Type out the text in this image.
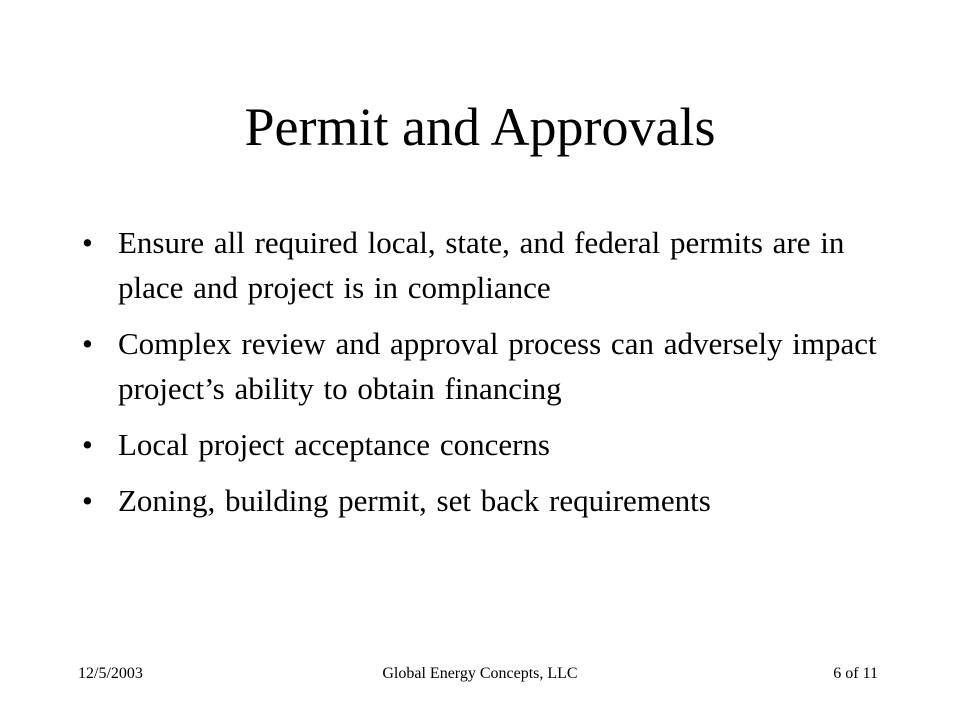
Permit and Approvals
• Ensure all required local, state, and federal permits are in place and project is in compliance
• Complex review and approval process can adversely impact project’s ability to obtain financing
• Local project acceptance concerns
• Zoning, building permit, set back requirements
12/5/2003	Global Energy Concepts, LLC	6 of 11
